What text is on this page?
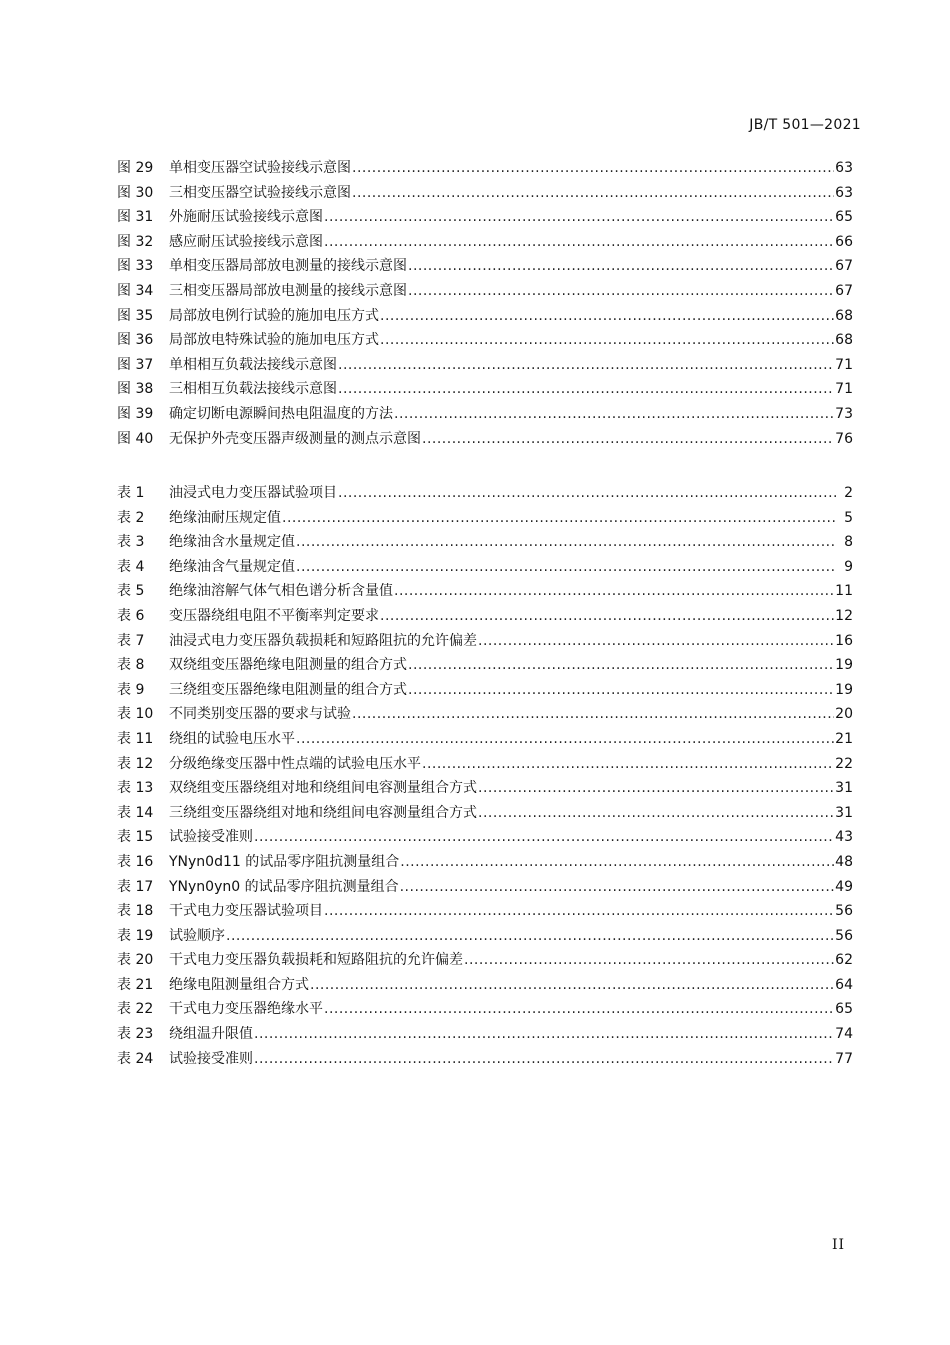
JB/T 501—2021
图 29	单相变压器空试验接线示意图 .....	63
图 30	三相变压器空试验接线示意图 .....	63
图 31	外施耐压试验接线示意图 .....	65
图 32	感应耐压试验接线示意图 .....	66
图 33	单相变压器局部放电测量的接线示意图 .....	67
图 34	三相变压器局部放电测量的接线示意图 .....	67
图 35	局部放电例行试验的施加电压方式 .....	68
图 36	局部放电特殊试验的施加电压方式 .....	68
图 37	单相相互负载法接线示意图 .....	71
图 38	三相相互负载法接线示意图 .....	71
图 39	确定切断电源瞬间热电阻温度的方法 .....	73
图 40	无保护外壳变压器声级测量的测点示意图 .....	76
表 1	油浸式电力变压器试验项目 .....	2
表 2	绝缘油耐压规定值 .....	5
表 3	绝缘油含水量规定值 .....	8
表 4	绝缘油含气量规定值 .....	9
表 5	绝缘油溶解气体气相色谱分析含量值 .....	11
表 6	变压器绕组电阻不平衡率判定要求 .....	12
表 7	油浸式电力变压器负载损耗和短路阻抗的允许偏差 .....	16
表 8	双绕组变压器绝缘电阻测量的组合方式 .....	19
表 9	三绕组变压器绝缘电阻测量的组合方式 .....	19
表 10	不同类别变压器的要求与试验 .....	20
表 11	绕组的试验电压水平 .....	21
表 12	分级绝缘变压器中性点端的试验电压水平 .....	22
表 13	双绕组变压器绕组对地和绕组间电容测量组合方式 .....	31
表 14	三绕组变压器绕组对地和绕组间电容测量组合方式 .....	31
表 15	试验接受准则 .....	43
表 16	YNyn0d11 的试品零序阻抗测量组合 .....	48
表 17	YNyn0yn0 的试品零序阻抗测量组合 .....	49
表 18	干式电力变压器试验项目 .....	56
表 19	试验顺序 .....	56
表 20	干式电力变压器负载损耗和短路阻抗的允许偏差 .....	62
表 21	绝缘电阻测量组合方式 .....	64
表 22	干式电力变压器绝缘水平 .....	65
表 23	绕组温升限值 .....	74
表 24	试验接受准则 .....	77
II
